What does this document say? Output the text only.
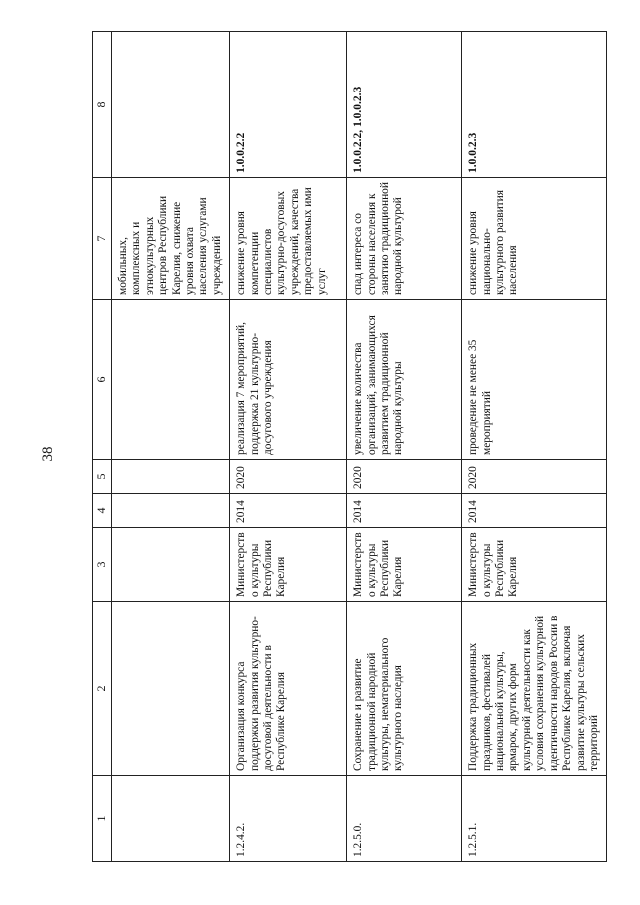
38
1	2	3	4	5	6	7	8
						мобильных, комплексных и этнокультурных центров Республики Карелия, снижение уровня охвата населения услугами учреждений	
1.2.4.2.	Организация конкурса поддержки развития культурно-досуговой деятельности в Республике Карелия	Министерство культуры Республики Карелия	2014	2020	реализация 7 мероприятий, поддержка 21 культурно-досугового учреждения	снижение уровня компетенции специалистов культурно-досуговых учреждений, качества предоставляемых ими услуг	1.0.0.2.2
1.2.5.0.	Сохранение и развитие традиционной народной культуры, нематериального культурного наследия	Министерство культуры Республики Карелия	2014	2020	увеличение количества организаций, занимающихся развитием традиционной народной культуры	спад интереса со стороны населения к занятию традиционной народной культурой	1.0.0.2.2, 1.0.0.2.3
1.2.5.1.	Поддержка традиционных праздников, фестивалей национальной культуры, ярмарок, других форм культурной деятельности как условия сохранения культурной идентичности народов России в Республике Карелия, включая развитие культуры сельских территорий	Министерство культуры Республики Карелия	2014	2020	проведение не менее 35 мероприятий	снижение уровня национально-культурного развития населения	1.0.0.2.3
